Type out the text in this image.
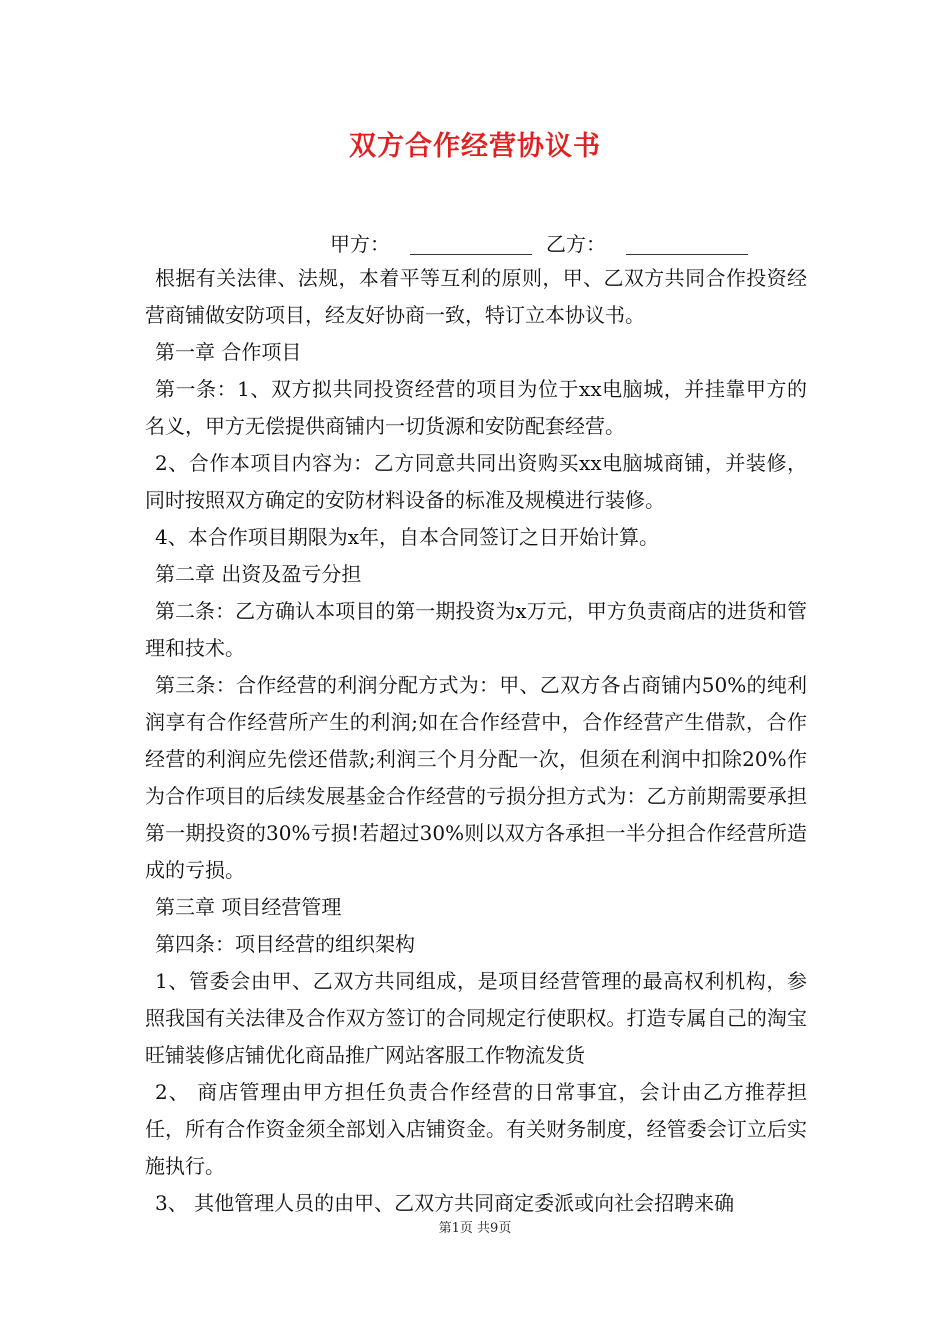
双方合作经营协议书
甲方：	乙方：

根据有关法律、法规，本着平等互利的原则，甲、乙双方共同合作投资经营商铺做安防项目，经友好协商一致，特订立本协议书。

第一章 合作项目

第一条：1、双方拟共同投资经营的项目为位于xx电脑城，并挂靠甲方的名义，甲方无偿提供商铺内一切货源和安防配套经营。

2、合作本项目内容为：乙方同意共同出资购买xx电脑城商铺，并装修，同时按照双方确定的安防材料设备的标准及规模进行装修。

4、本合作项目期限为x年，自本合同签订之日开始计算。

第二章 出资及盈亏分担

第二条：乙方确认本项目的第一期投资为x万元，甲方负责商店的进货和管理和技术。

第三条：合作经营的利润分配方式为：甲、乙双方各占商铺内50%的纯利润享有合作经营所产生的利润;如在合作经营中，合作经营产生借款，合作经营的利润应先偿还借款;利润三个月分配一次，但须在利润中扣除20%作为合作项目的后续发展基金合作经营的亏损分担方式为：乙方前期需要承担第一期投资的30%亏损!若超过30%则以双方各承担一半分担合作经营所造成的亏损。

第三章 项目经营管理

第四条：项目经营的组织架构

1、管委会由甲、乙双方共同组成，是项目经营管理的最高权利机构，参照我国有关法律及合作双方签订的合同规定行使职权。打造专属自己的淘宝旺铺装修店铺优化商品推广网站客服工作物流发货

2、 商店管理由甲方担任负责合作经营的日常事宜，会计由乙方推荐担任，所有合作资金须全部划入店铺资金。有关财务制度，经管委会订立后实施执行。

3、 其他管理人员的由甲、乙双方共同商定委派或向社会招聘来确

第1页 共9页
